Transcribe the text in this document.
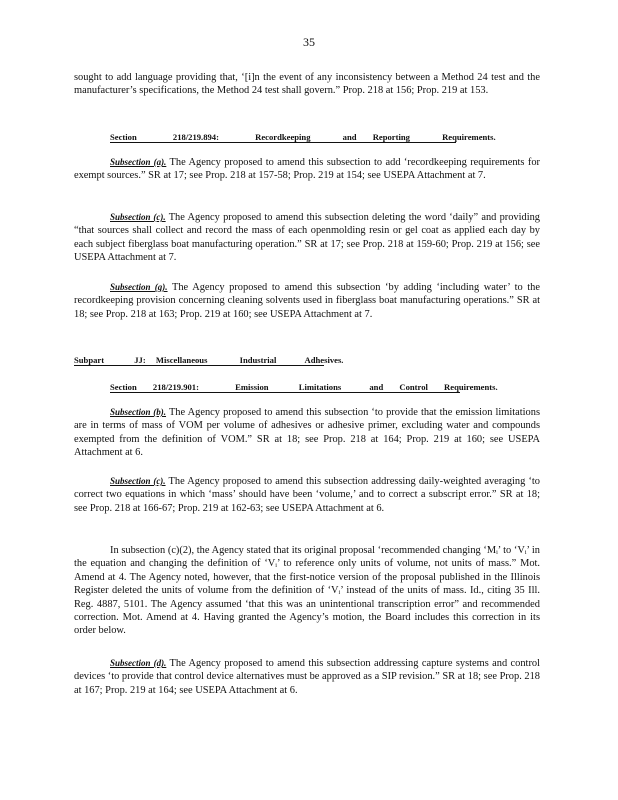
35

sought to add language providing that, ‘[i]n the event of any inconsistency between a Method 24 test and the manufacturer’s specifications, the Method 24 test shall govern.” Prop. 218 at 156; Prop. 219 at 153.

Section	218/219.894:	Recordkeeping	and Reporting	Requirements.

Subsection (a). The Agency proposed to amend this subsection to add ‘recordkeeping requirements for exempt sources.” SR at 17; see Prop. 218 at 157-58; Prop. 219 at 154; see USEPA Attachment at 7.

Subsection (c). The Agency proposed to amend this subsection deleting the word ‘daily” and providing “that sources shall collect and record the mass of each openmolding resin or gel coat as applied each day by each subject fiberglass boat manufacturing operation.” SR at 17; see Prop. 218 at 159-60; Prop. 219 at 156; see USEPA Attachment at 7.

Subsection (g). The Agency proposed to amend this subsection ‘by adding ‘including water’ to the recordkeeping provision concerning cleaning solvents used in fiberglass boat manufacturing operations.” SR at 18; see Prop. 218 at 163; Prop. 219 at 160; see USEPA Attachment at 7.

Subpart	JJ: Miscellaneous	Industrial	Adhesives.
Section 218/219.901:	Emission	Limitations	and Control Requirements.

Subsection (b). The Agency proposed to amend this subsection ‘to provide that the emission limitations are in terms of mass of VOM per volume of adhesives or adhesive primer, excluding water and compounds exempted from the definition of VOM.” SR at 18; see Prop. 218 at 164; Prop. 219 at 160; see USEPA Attachment at 6.

Subsection (c). The Agency proposed to amend this subsection addressing daily-weighted averaging ‘to correct two equations in which ‘mass’ should have been ‘volume,’ and to correct a subscript error.” SR at 18; see Prop. 218 at 166-67; Prop. 219 at 162-63; see USEPA Attachment at 6.

In subsection (c)(2), the Agency stated that its original proposal ‘recommended changing ‘Mᵢ’ to ‘Vᵢ’ in the equation and changing the definition of ‘Vᵢ’ to reference only units of volume, not units of mass.” Mot. Amend at 4. The Agency noted, however, that the first-notice version of the proposal published in the Illinois Register deleted the units of volume from the definition of ‘Vᵢ’ instead of the units of mass. Id., citing 35 Ill. Reg. 4887, 5101. The Agency assumed ‘that this was an unintentional transcription error” and recommended correction. Mot. Amend at 4. Having granted the Agency’s motion, the Board includes this correction in its order below.

Subsection (d). The Agency proposed to amend this subsection addressing capture systems and control devices ‘to provide that control device alternatives must be approved as a SIP revision.” SR at 18; see Prop. 218 at 167; Prop. 219 at 164; see USEPA Attachment at 6.
